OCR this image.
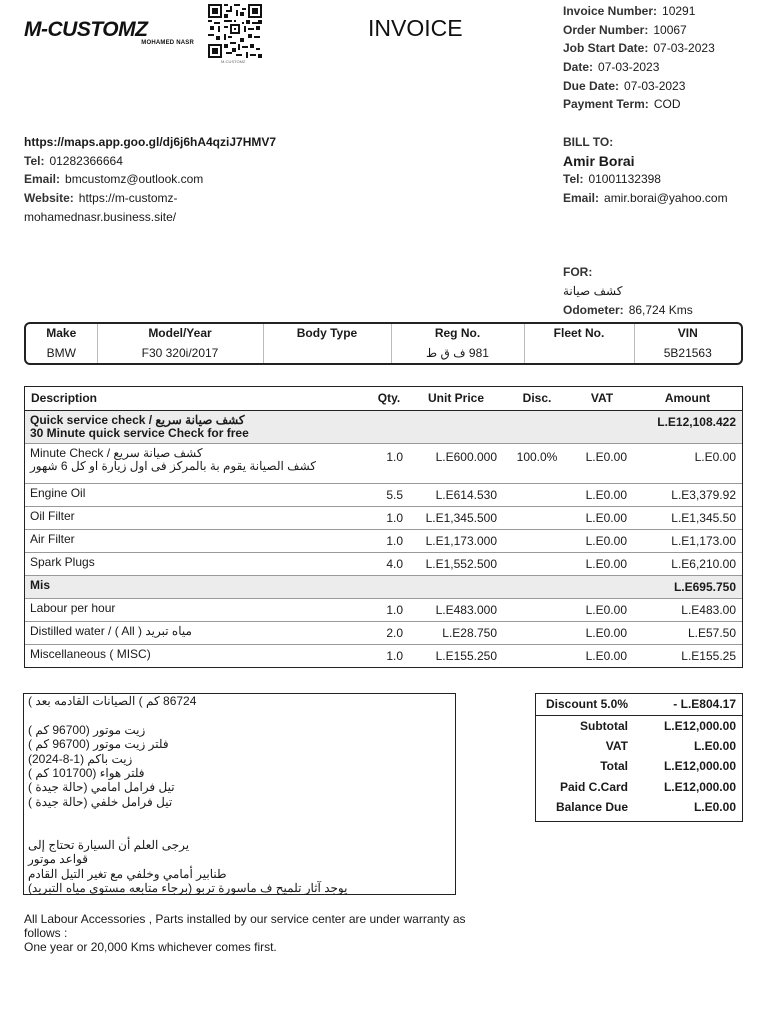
M-CUSTOMZ
MOHAMED NASR
M-CUSTOMZ
INVOICE
Invoice Number: 10291
Order Number: 10067
Job Start Date: 07-03-2023
Date: 07-03-2023
Due Date: 07-03-2023
Payment Term: COD
https://maps.app.goo.gl/dj6j6hA4qziJ7HMV7
Tel: 01282366664
Email: bmcustomz@outlook.com
Website: https://m-customz-
mohamednasr.business.site/
BILL TO:
Amir Borai
Tel: 01001132398
Email: amir.borai@yahoo.com
FOR:
كشف صيانة
Odometer: 86,724 Kms
Make	Model/Year	Body Type	Reg No.	Fleet No.	VIN
BMW	F30 320i/2017		981 ف ق ط		5B21563
Description	Qty.	Unit Price	Disc.	VAT	Amount

Quick service check / كشف صيانة سريع
30 Minute quick service Check for free					L.E12,108.422

Minute Check / كشف صيانة سريع
كشف الصيانة يقوم بة بالمركز فى اول زيارة او كل 6 شهور	1.0	L.E600.000	100.0%	L.E0.00	L.E0.00

Engine Oil	5.5	L.E614.530		L.E0.00	L.E3,379.92

Oil Filter	1.0	L.E1,345.500		L.E0.00	L.E1,345.50

Air Filter	1.0	L.E1,173.000		L.E0.00	L.E1,173.00

Spark Plugs	4.0	L.E1,552.500		L.E0.00	L.E6,210.00

Mis					L.E695.750

Labour per hour	1.0	L.E483.000		L.E0.00	L.E483.00

Distilled water / ( All ) مياه تبريد	2.0	L.E28.750		L.E0.00	L.E57.50

Miscellaneous ( MISC)	1.0	L.E155.250		L.E0.00	L.E155.25
86724 كم ) الصيانات القادمه بعد )
زيت موتور (96700 كم )
فلتر زيت موتور (96700 كم )
زيت باكم (1-8-2024)
فلتر هواء (101700 كم )
تيل فرامل امامي (حالة جيدة )
تيل فرامل خلفي (حالة جيدة )
يرجى العلم أن السيارة تحتاج إلى
قواعد موتور
طنابير أمامي وخلفي مع تغير التيل القادم
يوجد آثار تلميح ف ماسورة تربو (برجاء متابعه مستوي مياه التبريد)
Discount 5.0%	- L.E804.17
Subtotal	L.E12,000.00
VAT	L.E0.00
Total	L.E12,000.00
Paid C.Card	L.E12,000.00
Balance Due	L.E0.00
All Labour Accessories , Parts installed by our service center are under warranty as follows :
One year or 20,000 Kms whichever comes first.
